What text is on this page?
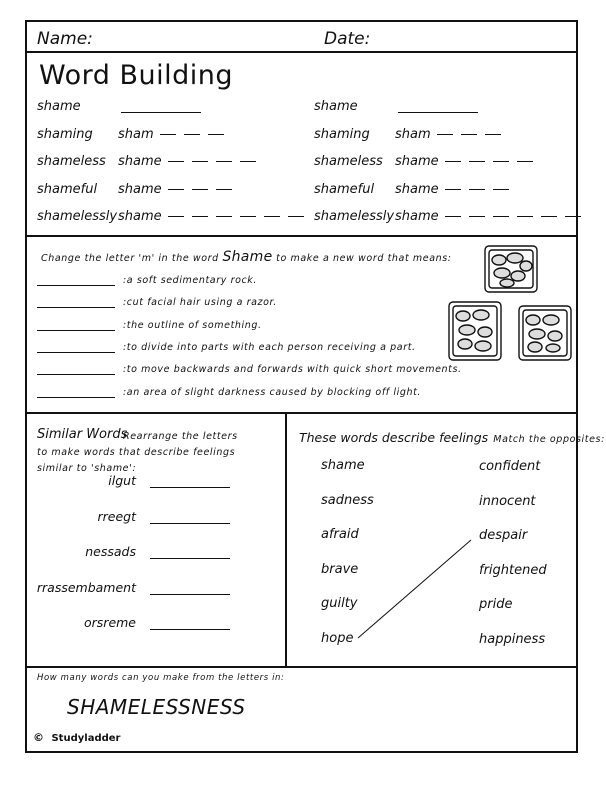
Name:	Date:
Word Building
shame
shaming sham
shameless shame
shameful shame
shamelessly shame
shame
shaming sham
shameless shame
shameful shame
shamelessly shame
Change the letter 'm' in the word Shame to make a new word that means:
:a soft sedimentary rock.
:cut facial hair using a razor.
:the outline of something.
:to divide into parts with each person receiving a part.
:to move backwards and forwards with quick short movements.
:an area of slight darkness caused by blocking off light.
Similar Words
Rearrange the letters to make words that describe feelings similar to 'shame':
ilgut
rreegt
nessads
rrassembament
orsreme
These words describe feelings Match the opposites:
shame
sadness
afraid
brave
guilty
hope
confident
innocent
despair
frightened
pride
happiness
How many words can you make from the letters in:
SHAMELESSNESS
© Studyladder
